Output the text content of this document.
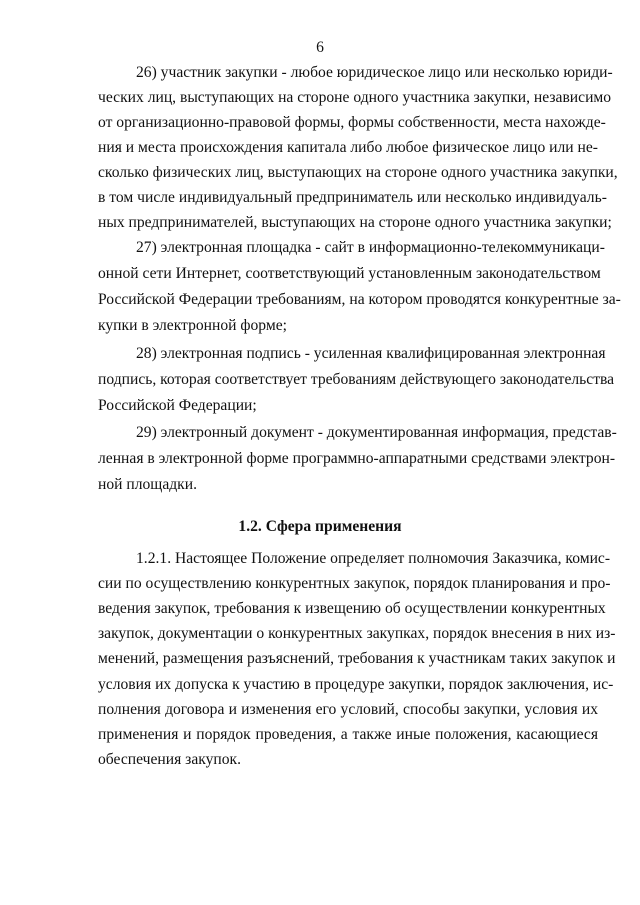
6
26) участник закупки - любое юридическое лицо или несколько юриди-
ческих лиц, выступающих на стороне одного участника закупки, независимо
от организационно-правовой формы, формы собственности, места нахожде-
ния и места происхождения капитала либо любое физическое лицо или не-
сколько физических лиц, выступающих на стороне одного участника закупки,
в том числе индивидуальный предприниматель или несколько индивидуаль-
ных предпринимателей, выступающих на стороне одного участника закупки;
27) электронная площадка - сайт в информационно-телекоммуникаци-
онной сети Интернет, соответствующий установленным законодательством
Российской Федерации требованиям, на котором проводятся конкурентные за-
купки в электронной форме;
28) электронная подпись - усиленная квалифицированная электронная
подпись, которая соответствует требованиям действующего законодательства
Российской Федерации;
29) электронный документ - документированная информация, представ-
ленная в электронной форме программно-аппаратными средствами электрон-
ной площадки.
1.2. Сфера применения
1.2.1. Настоящее Положение определяет полномочия Заказчика, комис-
сии по осуществлению конкурентных закупок, порядок планирования и про-
ведения закупок, требования к извещению об осуществлении конкурентных
закупок, документации о конкурентных закупках, порядок внесения в них из-
менений, размещения разъяснений, требования к участникам таких закупок и
условия их допуска к участию в процедуре закупки, порядок заключения, ис-
полнения договора и изменения его условий, способы закупки, условия их
применения и порядок проведения, а также иные положения, касающиеся
обеспечения закупок.
